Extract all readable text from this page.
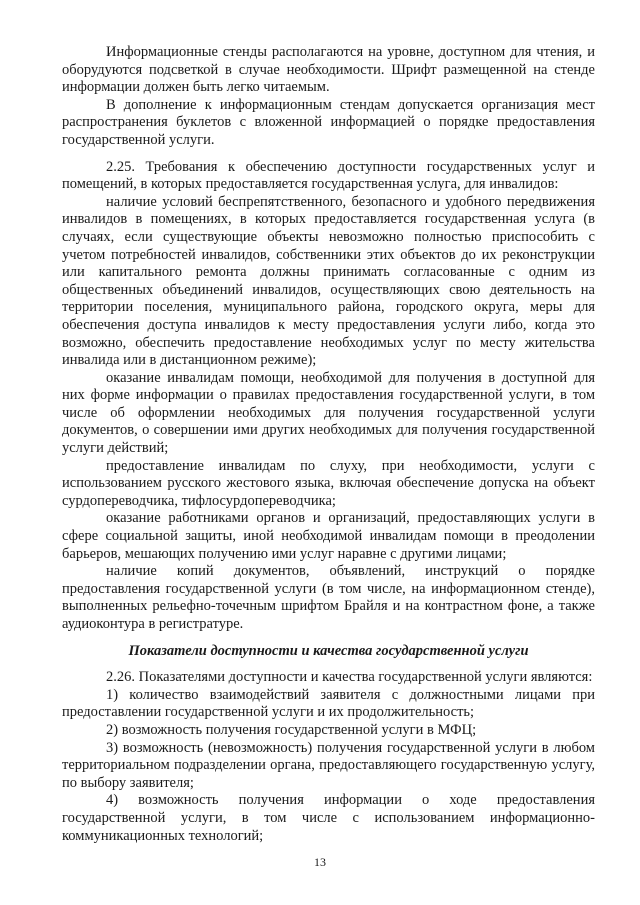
Информационные стенды располагаются на уровне, доступном для чтения, и оборудуются подсветкой в случае необходимости. Шрифт размещенной на стенде информации должен быть легко читаемым.

В дополнение к информационным стендам допускается организация мест распространения буклетов с вложенной информацией о порядке предоставления государственной услуги.

2.25. Требования к обеспечению доступности государственных услуг и помещений, в которых предоставляется государственная услуга, для инвалидов:

наличие условий беспрепятственного, безопасного и удобного передвижения инвалидов в помещениях, в которых предоставляется государственная услуга (в случаях, если существующие объекты невозможно полностью приспособить с учетом потребностей инвалидов, собственники этих объектов до их реконструкции или капитального ремонта должны принимать согласованные с одним из общественных объединений инвалидов, осуществляющих свою деятельность на территории поселения, муниципального района, городского округа, меры для обеспечения доступа инвалидов к месту предоставления услуги либо, когда это возможно, обеспечить предоставление необходимых услуг по месту жительства инвалида или в дистанционном режиме);

оказание инвалидам помощи, необходимой для получения в доступной для них форме информации о правилах предоставления государственной услуги, в том числе об оформлении необходимых для получения государственной услуги документов, о совершении ими других необходимых для получения государственной услуги действий;

предоставление инвалидам по слуху, при необходимости, услуги с использованием русского жестового языка, включая обеспечение допуска на объект сурдопереводчика, тифлосурдопереводчика;

оказание работниками органов и организаций, предоставляющих услуги в сфере социальной защиты, иной необходимой инвалидам помощи в преодолении барьеров, мешающих получению ими услуг наравне с другими лицами;

наличие копий документов, объявлений, инструкций о порядке предоставления государственной услуги (в том числе, на информационном стенде), выполненных рельефно-точечным шрифтом Брайля и на контрастном фоне, а также аудиоконтура в регистратуре.

Показатели доступности и качества государственной услуги

2.26. Показателями доступности и качества государственной услуги являются:

1) количество взаимодействий заявителя с должностными лицами при предоставлении государственной услуги и их продолжительность;

2) возможность получения государственной услуги в МФЦ;

3) возможность (невозможность) получения государственной услуги в любом территориальном подразделении органа, предоставляющего государственную услугу, по выбору заявителя;

4) возможность получения информации о ходе предоставления государственной услуги, в том числе с использованием информационно-коммуникационных технологий;

13
